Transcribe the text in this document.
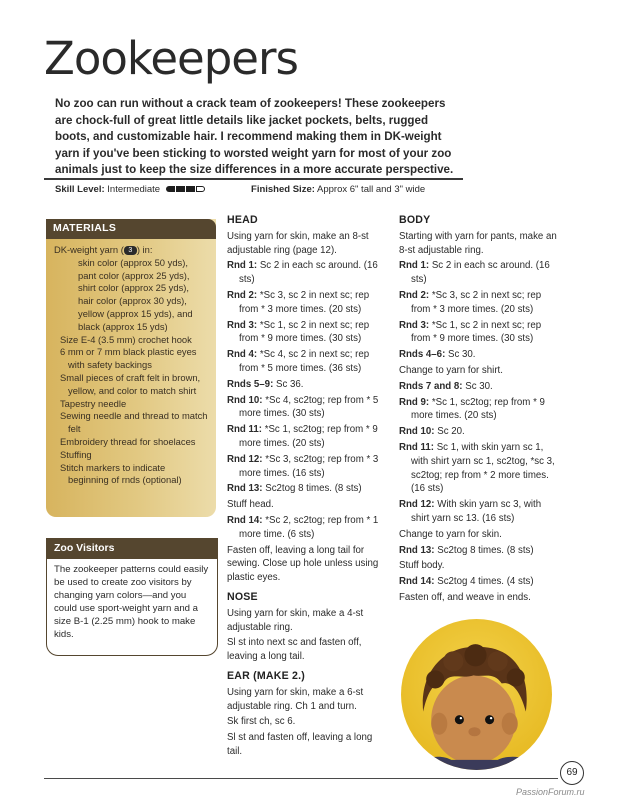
Zookeepers

No zoo can run without a crack team of zookeepers! These zookeepers are chock-full of great little details like jacket pockets, belts, rugged boots, and customizable hair. I recommend making them in DK-weight yarn if you've been sticking to worsted weight yarn for most of your zoo animals just to keep the size differences in a more accurate perspective.

Skill Level: Intermediate	Finished Size: Approx 6" tall and 3" wide
MATERIALS
DK-weight yarn ( 3 ) in:
skin color (approx 50 yds),
pant color (approx 25 yds),
shirt color (approx 25 yds),
hair color (approx 30 yds),
yellow (approx 15 yds), and
black (approx 15 yds)
Size E-4 (3.5 mm) crochet hook
6 mm or 7 mm black plastic eyes with safety backings
Small pieces of craft felt in brown, yellow, and color to match shirt
Tapestry needle
Sewing needle and thread to match felt
Embroidery thread for shoelaces
Stuffing
Stitch markers to indicate beginning of rnds (optional)
Zoo Visitors

The zookeeper patterns could easily be used to create zoo visitors by changing yarn colors—and you could use sport-weight yarn and a size B-1 (2.25 mm) hook to make kids.

HEAD

Using yarn for skin, make an 8-st adjustable ring (page 12).

Rnd 1: Sc 2 in each sc around. (16 sts)

Rnd 2: *Sc 3, sc 2 in next sc; rep from * 3 more times. (20 sts)

Rnd 3: *Sc 1, sc 2 in next sc; rep from * 9 more times. (30 sts)

Rnd 4: *Sc 4, sc 2 in next sc; rep from * 5 more times. (36 sts)

Rnds 5–9: Sc 36.

Rnd 10: *Sc 4, sc2tog; rep from * 5 more times. (30 sts)

Rnd 11: *Sc 1, sc2tog; rep from * 9 more times. (20 sts)

Rnd 12: *Sc 3, sc2tog; rep from * 3 more times. (16 sts)

Rnd 13: Sc2tog 8 times. (8 sts)

Stuff head.

Rnd 14: *Sc 2, sc2tog; rep from * 1 more time. (6 sts)

Fasten off, leaving a long tail for sewing. Close up hole unless using plastic eyes.

NOSE

Using yarn for skin, make a 4-st adjustable ring.

Sl st into next sc and fasten off, leaving a long tail.

EAR (MAKE 2.)

Using yarn for skin, make a 6-st adjustable ring. Ch 1 and turn.

Sk first ch, sc 6.

Sl st and fasten off, leaving a long tail.

BODY

Starting with yarn for pants, make an 8-st adjustable ring.

Rnd 1: Sc 2 in each sc around. (16 sts)

Rnd 2: *Sc 3, sc 2 in next sc; rep from * 3 more times. (20 sts)

Rnd 3: *Sc 1, sc 2 in next sc; rep from * 9 more times. (30 sts)

Rnds 4–6: Sc 30.

Change to yarn for shirt.

Rnds 7 and 8: Sc 30.

Rnd 9: *Sc 1, sc2tog; rep from * 9 more times. (20 sts)

Rnd 10: Sc 20.

Rnd 11: Sc 1, with skin yarn sc 1, with shirt yarn sc 1, sc2tog, *sc 3, sc2tog; rep from * 2 more times. (16 sts)

Rnd 12: With skin yarn sc 3, with shirt yarn sc 13. (16 sts)

Change to yarn for skin.

Rnd 13: Sc2tog 8 times. (8 sts)

Stuff body.

Rnd 14: Sc2tog 4 times. (4 sts)

Fasten off, and weave in ends.

69
PassionForum.ru
